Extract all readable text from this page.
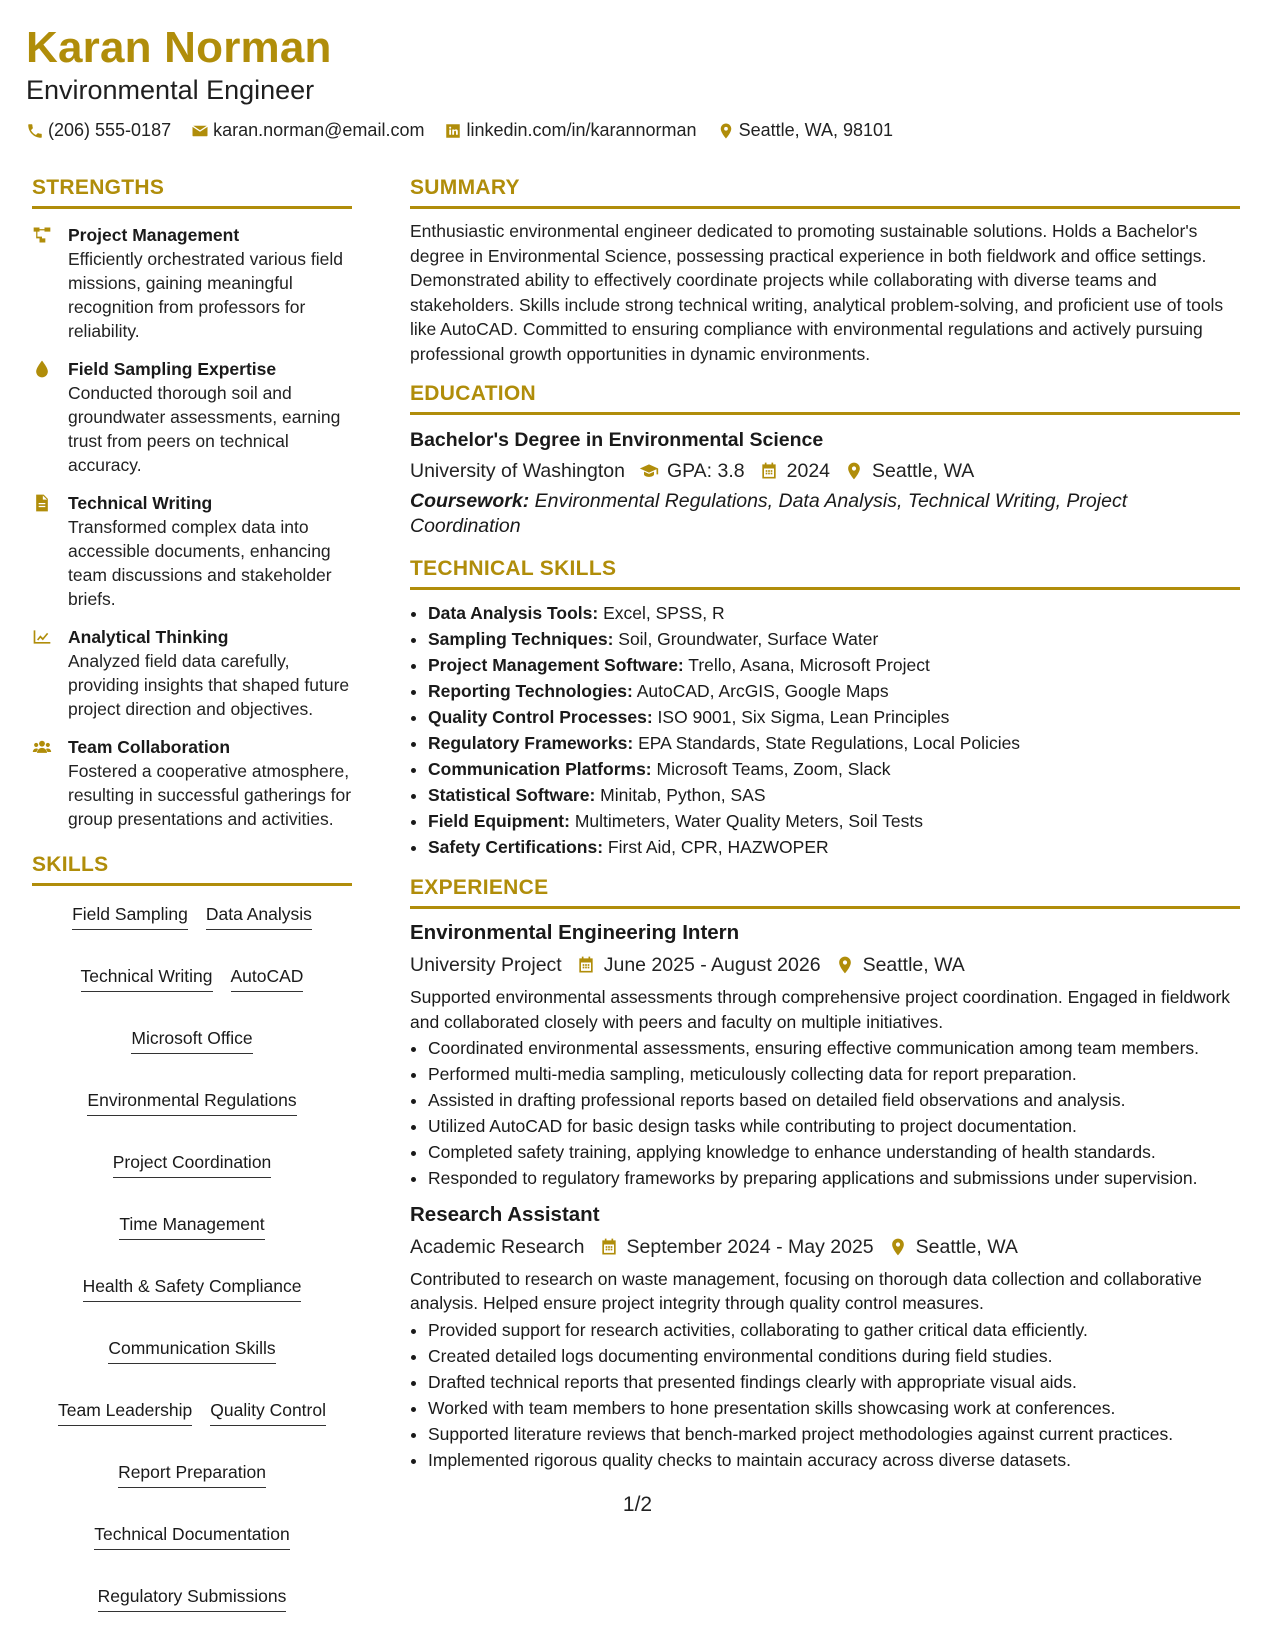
Karan Norman
Environmental Engineer
(206) 555-0187 karan.norman@email.com linkedin.com/in/karannorman Seattle, WA, 98101
STRENGTHS
Project Management
Efficiently orchestrated various field missions, gaining meaningful recognition from professors for reliability.
Field Sampling Expertise
Conducted thorough soil and groundwater assessments, earning trust from peers on technical accuracy.
Technical Writing
Transformed complex data into accessible documents, enhancing team discussions and stakeholder briefs.
Analytical Thinking
Analyzed field data carefully, providing insights that shaped future project direction and objectives.
Team Collaboration
Fostered a cooperative atmosphere, resulting in successful gatherings for group presentations and activities.
SKILLS
Field Sampling Data Analysis
Technical Writing AutoCAD
Microsoft Office
Environmental Regulations
Project Coordination
Time Management
Health & Safety Compliance
Communication Skills
Team Leadership Quality Control
Report Preparation
Technical Documentation
Regulatory Submissions
SUMMARY
Enthusiastic environmental engineer dedicated to promoting sustainable solutions. Holds a Bachelor's degree in Environmental Science, possessing practical experience in both fieldwork and office settings. Demonstrated ability to effectively coordinate projects while collaborating with diverse teams and stakeholders. Skills include strong technical writing, analytical problem-solving, and proficient use of tools like AutoCAD. Committed to ensuring compliance with environmental regulations and actively pursuing professional growth opportunities in dynamic environments.
EDUCATION
Bachelor's Degree in Environmental Science
University of Washington GPA: 3.8 2024 Seattle, WA
Coursework: Environmental Regulations, Data Analysis, Technical Writing, Project Coordination
TECHNICAL SKILLS
• Data Analysis Tools: Excel, SPSS, R
• Sampling Techniques: Soil, Groundwater, Surface Water
• Project Management Software: Trello, Asana, Microsoft Project
• Reporting Technologies: AutoCAD, ArcGIS, Google Maps
• Quality Control Processes: ISO 9001, Six Sigma, Lean Principles
• Regulatory Frameworks: EPA Standards, State Regulations, Local Policies
• Communication Platforms: Microsoft Teams, Zoom, Slack
• Statistical Software: Minitab, Python, SAS
• Field Equipment: Multimeters, Water Quality Meters, Soil Tests
• Safety Certifications: First Aid, CPR, HAZWOPER
EXPERIENCE
Environmental Engineering Intern
University Project June 2025 - August 2026 Seattle, WA
Supported environmental assessments through comprehensive project coordination. Engaged in fieldwork and collaborated closely with peers and faculty on multiple initiatives.
• Coordinated environmental assessments, ensuring effective communication among team members.
• Performed multi-media sampling, meticulously collecting data for report preparation.
• Assisted in drafting professional reports based on detailed field observations and analysis.
• Utilized AutoCAD for basic design tasks while contributing to project documentation.
• Completed safety training, applying knowledge to enhance understanding of health standards.
• Responded to regulatory frameworks by preparing applications and submissions under supervision.
Research Assistant
Academic Research September 2024 - May 2025 Seattle, WA
Contributed to research on waste management, focusing on thorough data collection and collaborative analysis. Helped ensure project integrity through quality control measures.
• Provided support for research activities, collaborating to gather critical data efficiently.
• Created detailed logs documenting environmental conditions during field studies.
• Drafted technical reports that presented findings clearly with appropriate visual aids.
• Worked with team members to hone presentation skills showcasing work at conferences.
• Supported literature reviews that bench-marked project methodologies against current practices.
• Implemented rigorous quality checks to maintain accuracy across diverse datasets.
1/2
